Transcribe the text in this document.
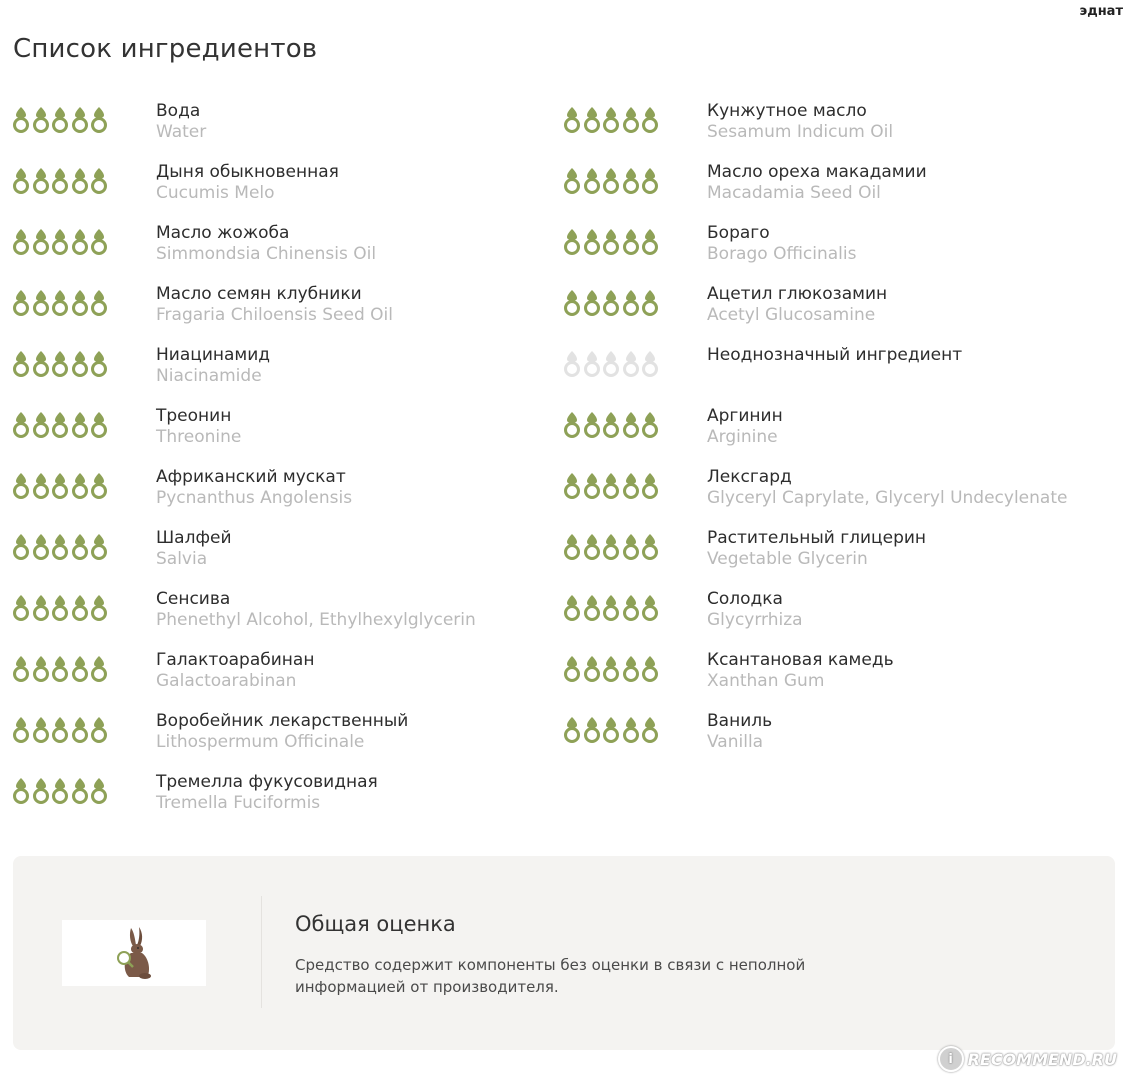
эднат
Список ингредиентов
Вода
Water
Дыня обыкновенная
Cucumis Melo
Масло жожоба
Simmondsia Chinensis Oil
Масло семян клубники
Fragaria Chiloensis Seed Oil
Ниацинамид
Niacinamide
Треонин
Threonine
Африканский мускат
Pycnanthus Angolensis
Шалфей
Salvia
Сенсива
Phenethyl Alcohol, Ethylhexylglycerin
Галактоарабинан
Galactoarabinan
Воробейник лекарственный
Lithospermum Officinale
Тремелла фукусовидная
Tremella Fuciformis
Кунжутное масло
Sesamum Indicum Oil
Масло ореха макадамии
Macadamia Seed Oil
Бораго
Borago Officinalis
Ацетил глюкозамин
Acetyl Glucosamine
Неоднозначный ингредиент
Аргинин
Arginine
Лексгард
Glyceryl Caprylate, Glyceryl Undecylenate
Растительный глицерин
Vegetable Glycerin
Солодка
Glycyrrhiza
Ксантановая камедь
Xanthan Gum
Ваниль
Vanilla
Общая оценка

Средство содержит компоненты без оценки в связи с неполной информацией от производителя.

i RECOMMEND.RU
